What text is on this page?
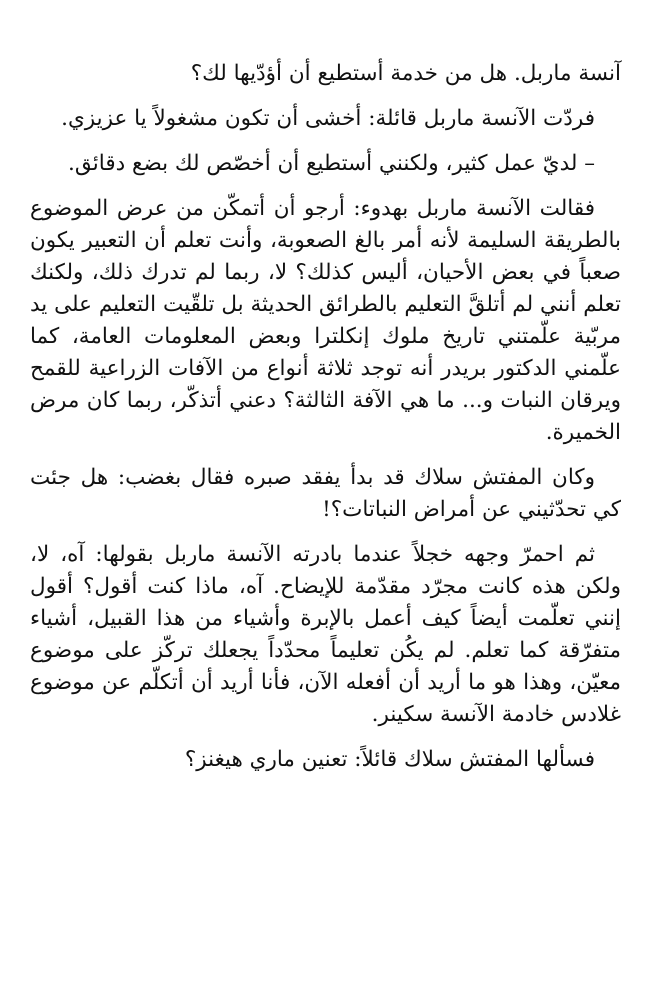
آنسة ماربل. هل من خدمة أستطيع أن أؤدّيها لك؟

فردّت الآنسة ماربل قائلة: أخشى أن تكون مشغولاً يا عزيزي.

– لديّ عمل كثير، ولكنني أستطيع أن أخصّص لك بضع دقائق.

فقالت الآنسة ماربل بهدوء: أرجو أن أتمكّن من عرض الموضوع بالطريقة السليمة لأنه أمر بالغ الصعوبة، وأنت تعلم أن التعبير يكون صعباً في بعض الأحيان، أليس كذلك؟ لا، ربما لم تدرك ذلك، ولكنك تعلم أنني لم أتلقَّ التعليم بالطرائق الحديثة بل تلقّيت التعليم على يد مربّية علّمتني تاريخ ملوك إنكلترا وبعض المعلومات العامة، كما علّمني الدكتور بريدر أنه توجد ثلاثة أنواع من الآفات الزراعية للقمح ويرقان النبات و... ما هي الآفة الثالثة؟ دعني أتذكّر، ربما كان مرض الخميرة.

وكان المفتش سلاك قد بدأ يفقد صبره فقال بغضب: هل جئت كي تحدّثيني عن أمراض النباتات؟!

ثم احمرّ وجهه خجلاً عندما بادرته الآنسة ماربل بقولها: آه، لا، ولكن هذه كانت مجرّد مقدّمة للإيضاح. آه، ماذا كنت أقول؟ أقول إنني تعلّمت أيضاً كيف أعمل بالإبرة وأشياء من هذا القبيل، أشياء متفرّقة كما تعلم. لم يكُن تعليماً محدّداً يجعلك تركّز على موضوع معيّن، وهذا هو ما أريد أن أفعله الآن، فأنا أريد أن أتكلّم عن موضوع غلادس خادمة الآنسة سكينر.

فسألها المفتش سلاك قائلاً: تعنين ماري هيغنز؟
